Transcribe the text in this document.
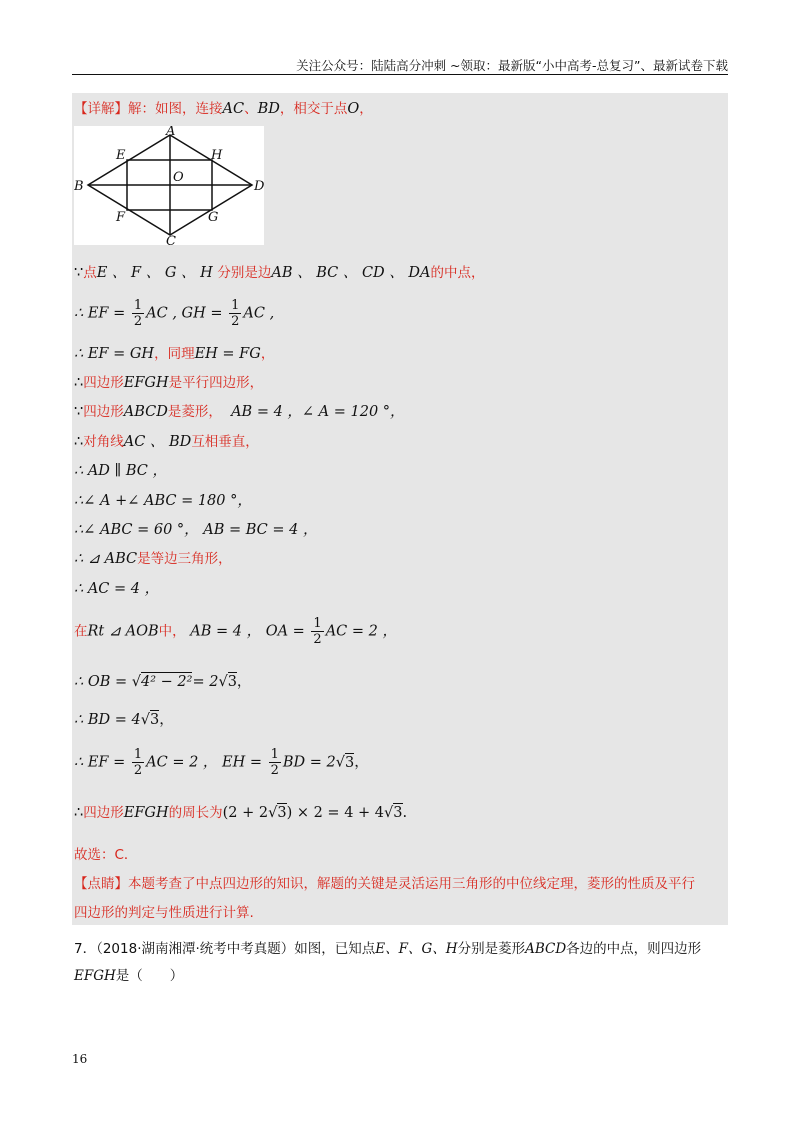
关注公众号：陆陆高分冲刺 ~领取：最新版“小中高考-总复习”、最新试卷下载
【详解】解：如图，连接AC、BD，相交于点O，
A
B
C
D
E
F	G
H
O
∵点E 、 F 、 G 、 H 分别是边AB 、 BC 、 CD 、 DA的中点，
∴ EF = $\frac{1}{2}$ AC , GH = $\frac{1}{2}$ AC ,
∴ EF = GH，同理EH = FG，
∴四边形EFGH是平行四边形，
∵四边形ABCD是菱形， AB = 4 ，∠ A = 120 °，
∴对角线AC 、 BD互相垂直，
∴ AD ∥ BC ，
∴∠ A +∠ ABC = 180 °，
∴∠ ABC = 60 °， AB = BC = 4 ，
∴ ⊿ ABC是等边三角形，
∴ AC = 4 ，
在Rt ⊿ AOB中， AB = 4 ， OA = $\frac{1}{2}$ AC = 2 ，
∴ OB = √4² − 2²= 2√3，
∴ BD = 4√3，
∴ EF = $\frac{1}{2}$ AC = 2 ， EH = $\frac{1}{2}$ BD = 2√3，
∴四边形EFGH的周长为(2 + 2√3) × 2 = 4 + 4√3.
故选：C．
【点睛】本题考查了中点四边形的知识，解题的关键是灵活运用三角形的中位线定理，菱形的性质及平行
四边形的判定与性质进行计算.
7．（2018·湖南湘潭·统考中考真题）如图，已知点E、F、G、H分别是菱形ABCD各边的中点，则四边形
EFGH是（　　）
16
